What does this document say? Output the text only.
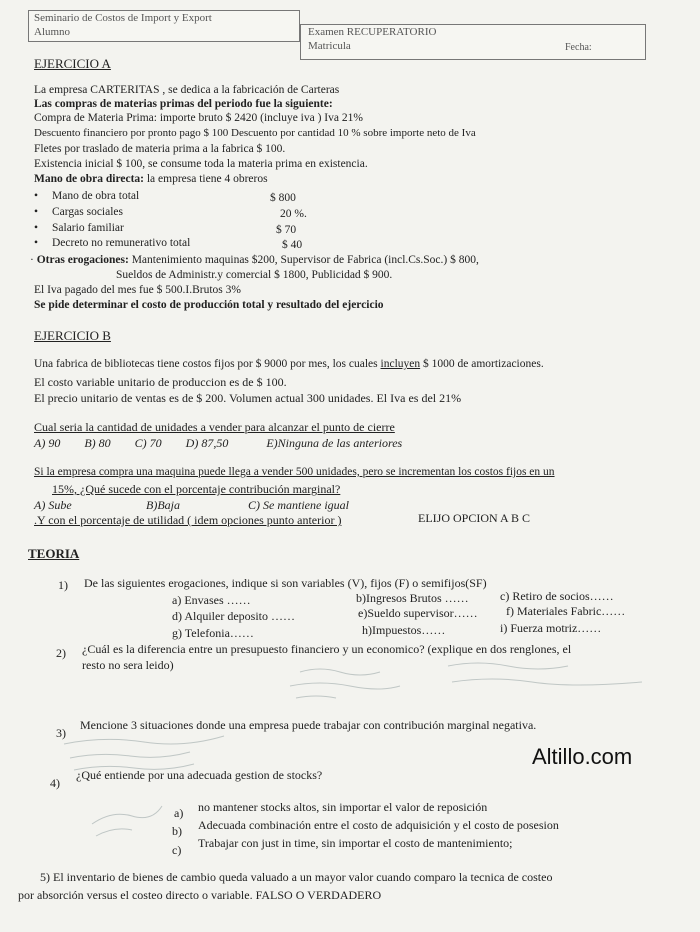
Seminario de Costos de Import y Export
Alumno	Examen RECUPERATORIO
Matricula	Fecha:
EJERCICIO A
La empresa CARTERITAS , se dedica a la fabricación de Carteras
Las compras de materias primas del periodo fue la siguiente:
Compra de Materia Prima: importe bruto $ 2420 (incluye iva ) Iva 21%
Descuento financiero por pronto pago $ 100 Descuento por cantidad 10 % sobre importe neto de Iva
Fletes por traslado de materia prima a la fabrica $ 100.
Existencia inicial $ 100, se consume toda la materia prima en existencia.
Mano de obra directa: la empresa tiene 4 obreros
• Mano de obra total	$ 800
• Cargas sociales	20 %.
• Salario familiar	$ 70
• Decreto no remunerativo total	$ 40
· Otras erogaciones: Mantenimiento maquinas $200, Supervisor de Fabrica (incl.Cs.Soc.) $ 800,
Sueldos de Administr.y comercial $ 1800, Publicidad $ 900.
El Iva pagado del mes fue $ 500.I.Brutos 3%
Se pide determinar el costo de producción total y resultado del ejercicio
EJERCICIO B
Una fabrica de bibliotecas tiene costos fijos por $ 9000 por mes, los cuales incluyen $ 1000 de amortizaciones.
El costo variable unitario de produccion es de $ 100.
El precio unitario de ventas es de $ 200. Volumen actual 300 unidades. El Iva es del 21%
Cual seria la cantidad de unidades a vender para alcanzar el punto de cierre
A) 90 B) 80 C) 70 D) 87,50	E)Ninguna de las anteriores
Si la empresa compra una maquina puede llega a vender 500 unidades, pero se incrementan los costos fijos en un
15%, ¿Qué sucede con el porcentaje contribución marginal?
A) Sube	B)Baja	C) Se mantiene igual
.Y con el porcentaje de utilidad ( idem opciones punto anterior )	ELIJO OPCION A B C
TEORIA
1) De las siguientes erogaciones, indique si son variables (V), fijos (F) o semifijos(SF)
a) Envases ……	b)Ingresos Brutos ……	c) Retiro de socios……
d) Alquiler deposito ……	e)Sueldo supervisor…… f) Materiales Fabric……
g) Telefonia……	h)Impuestos……	i) Fuerza motriz……
2) ¿Cuál es la diferencia entre un presupuesto financiero y un economico? (explique en dos renglones, el
resto no sera leido)
3)
Mencione 3 situaciones donde una empresa puede trabajar con contribución marginal negativa.
Altillo.com
4)
¿Qué entiende por una adecuada gestion de stocks?
a) no mantener stocks altos, sin importar el valor de reposición
b) Adecuada combinación entre el costo de adquisición y el costo de posesion
c) Trabajar con just in time, sin importar el costo de mantenimiento;
5) El inventario de bienes de cambio queda valuado a un mayor valor cuando comparo la tecnica de costeo
por absorción versus el costeo directo o variable. FALSO O VERDADERO
